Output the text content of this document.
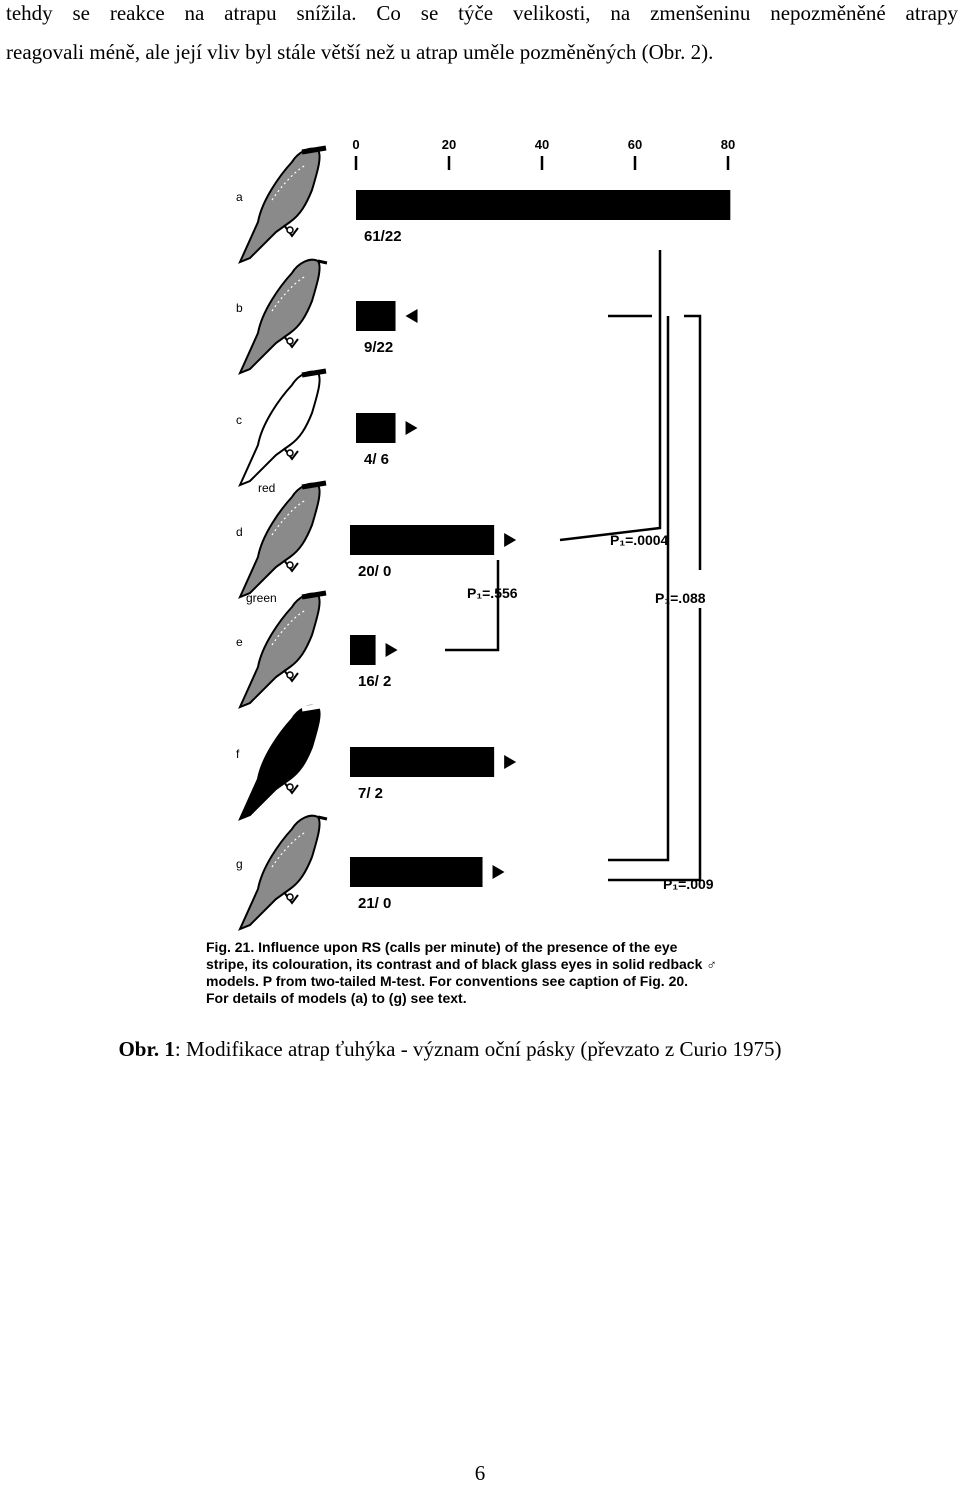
tehdy se reakce na atrapu snížila. Co se týče velikosti, na zmenšeninu nepozměněné atrapy
reagovali méně, ale její vliv byl stále větší než u atrap uměle pozměněných (Obr. 2).
0	20	40	60	80
a
b
c
d
red
e
green
f
g
61/22
9/22
4/ 6
20/ 0
16/ 2
7/ 2
21/ 0
P₁=.0004
P₁=.556	P₁=.088
P₁=.009
Fig. 21. Influence upon RS (calls per minute) of the presence of the eye
stripe, its colouration, its contrast and of black glass eyes in solid redback ♂
models. P from two-tailed M-test. For conventions see caption of Fig. 20.
For details of models (a) to (g) see text.
Obr. 1: Modifikace atrap ťuhýka - význam oční pásky (převzato z Curio 1975)
6
